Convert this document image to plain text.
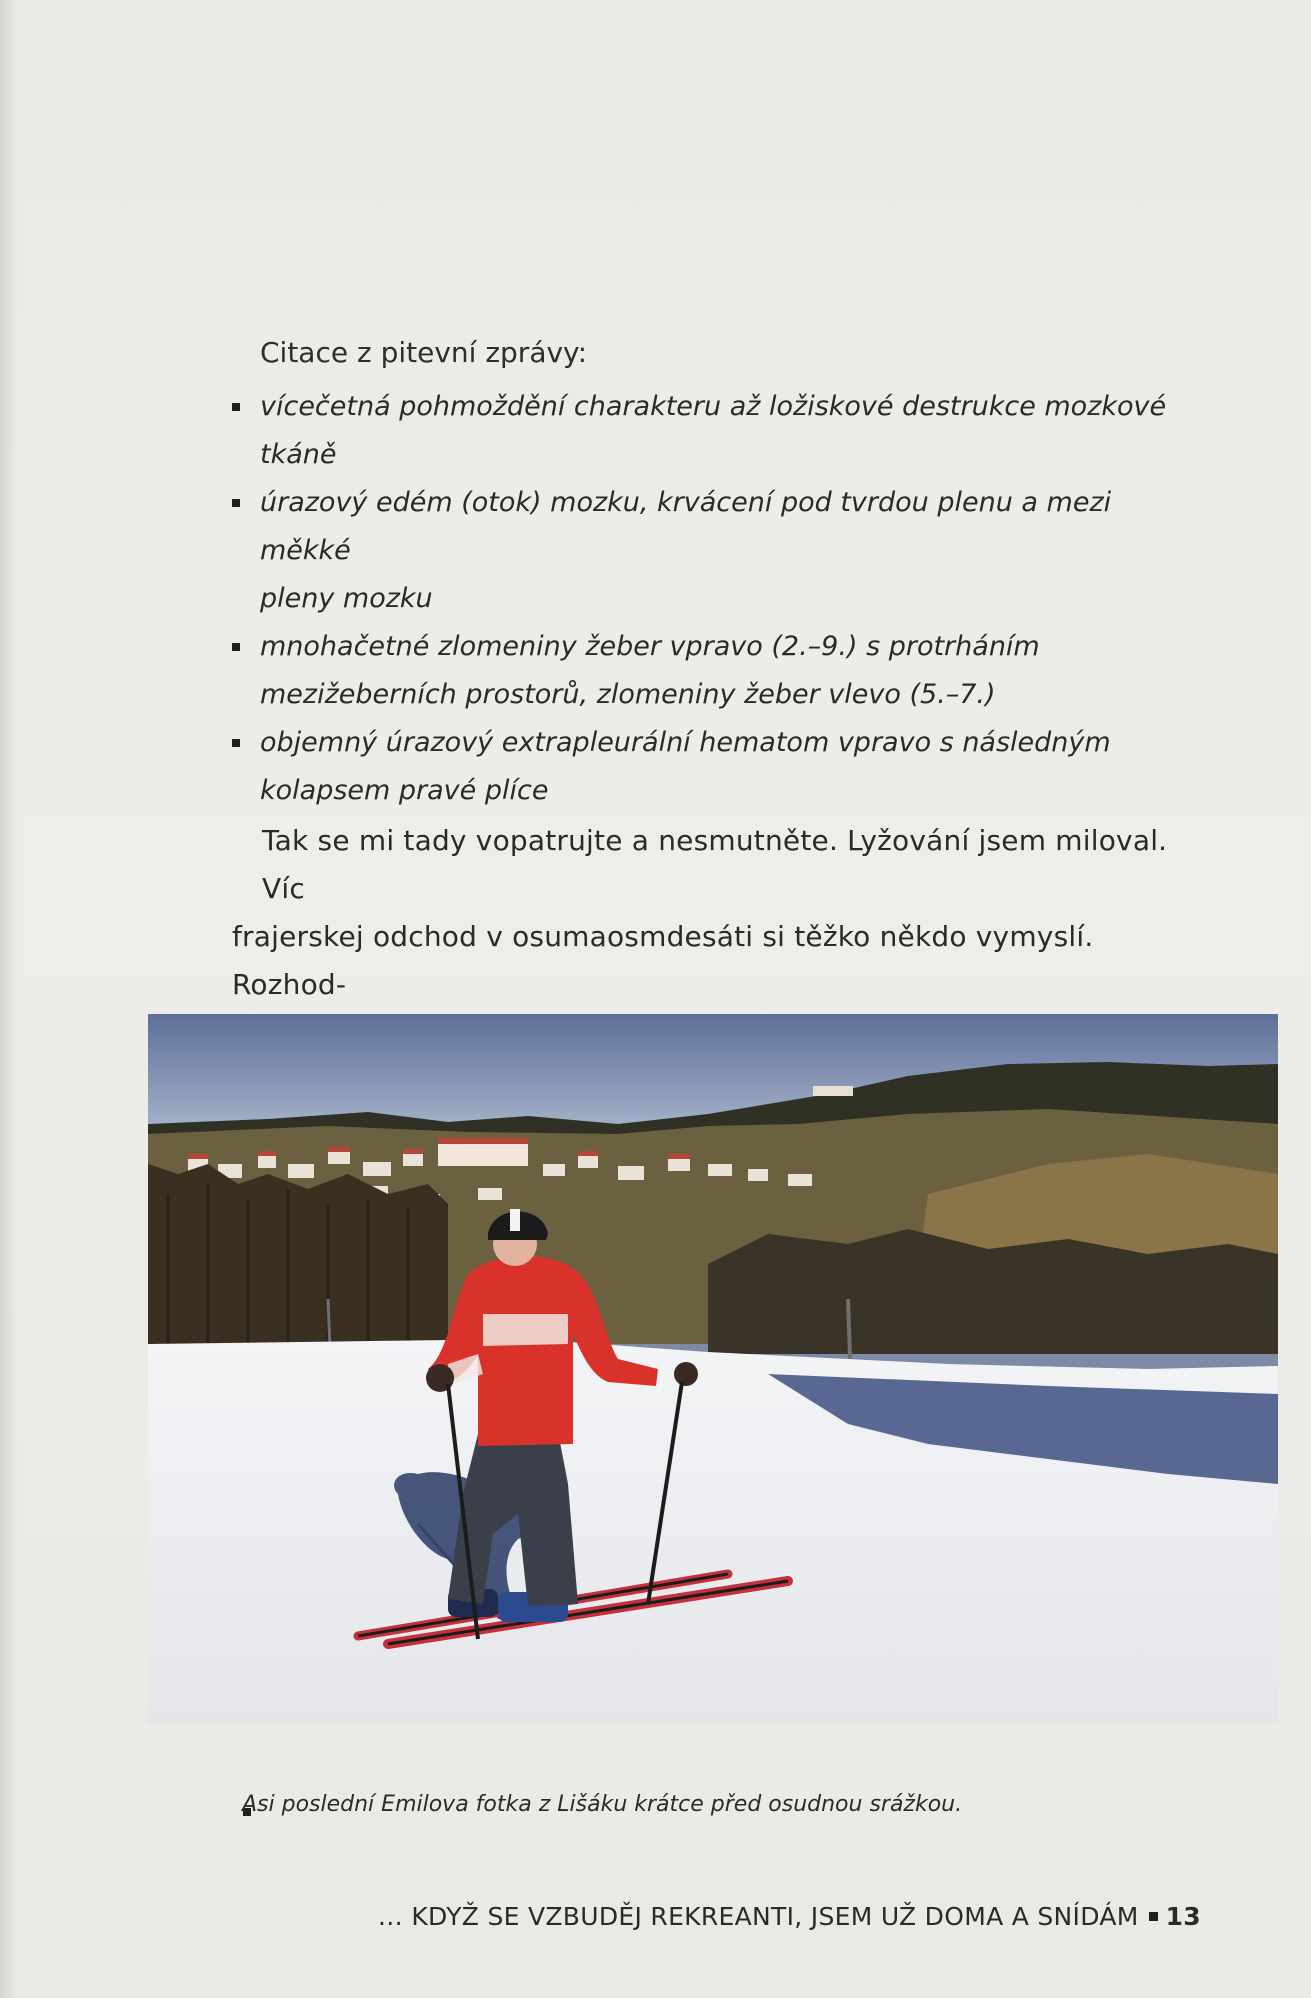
Citace z pitevní zprávy:
vícečetná pohmoždění charakteru až ložiskové destrukce mozkové
tkáně
úrazový edém (otok) mozku, krvácení pod tvrdou plenu a mezi měkké
pleny mozku
mnohačetné zlomeniny žeber vpravo (2.–9.) s protrháním
mezižeberních prostorů, zlomeniny žeber vlevo (5.–7.)
objemný úrazový extrapleurální hematom vpravo s následným
kolapsem pravé plíce
Tak se mi tady vopatrujte a nesmutněte. Lyžování jsem miloval. Víc
frajerskej odchod v osumaosmdesáti si těžko někdo vymyslí. Rozhod-
Asi poslední Emilova fotka z Lišáku krátce před osudnou srážkou.
… KDYŽ SE VZBUDĚJ REKREANTI, JSEM UŽ DOMA A SNÍDÁM 13
